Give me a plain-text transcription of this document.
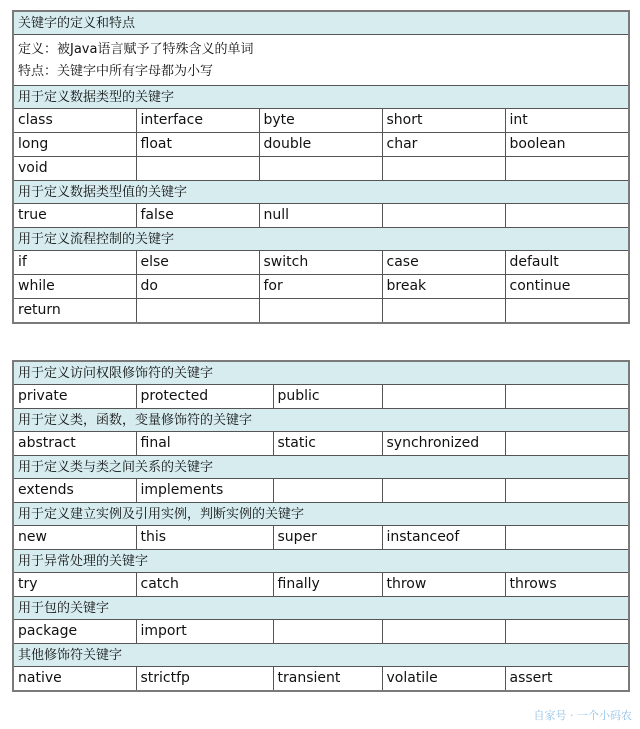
关键字的定义和特点				

定义：被Java语言赋予了特殊含义的单词
特点：关键字中所有字母都为小写				

用于定义数据类型的关键字				
class	interface	byte	short	int
long	float	double	char	boolean
void				
用于定义数据类型值的关键字				
true	false	null		
用于定义流程控制的关键字				
if	else	switch	case	default
while	do	for	break	continue
return				
用于定义访问权限修饰符的关键字				
private	protected	public		
用于定义类，函数，变量修饰符的关键字				
abstract	final	static	synchronized	
用于定义类与类之间关系的关键字				
extends	implements			
用于定义建立实例及引用实例，判断实例的关键字				
new	this	super	instanceof	
用于异常处理的关键字				
try	catch	finally	throw	throws
用于包的关键字				
package	import			
其他修饰符关键字				
native	strictfp	transient	volatile	assert
自家号 · 一个小码农
